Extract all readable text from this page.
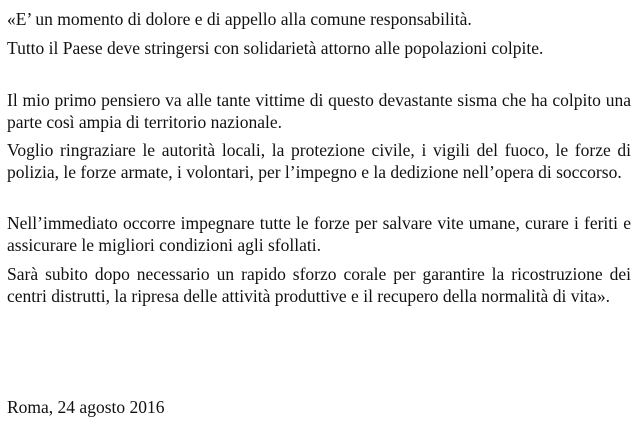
«E’ un momento di dolore e di appello alla comune responsabilità.

Tutto il Paese deve stringersi con solidarietà attorno alle popolazioni colpite.

Il mio primo pensiero va alle tante vittime di questo devastante sisma che ha colpito una parte così ampia di territorio nazionale.

Voglio ringraziare le autorità locali, la protezione civile, i vigili del fuoco, le forze di polizia, le forze armate, i volontari, per l’impegno e la dedizione nell’opera di soccorso.

Nell’immediato occorre impegnare tutte le forze per salvare vite umane, curare i feriti e assicurare le migliori condizioni agli sfollati.

Sarà subito dopo necessario un rapido sforzo corale per garantire la ricostruzione dei centri distrutti, la ripresa delle attività produttive e il recupero della normalità di vita».

Roma, 24 agosto 2016
